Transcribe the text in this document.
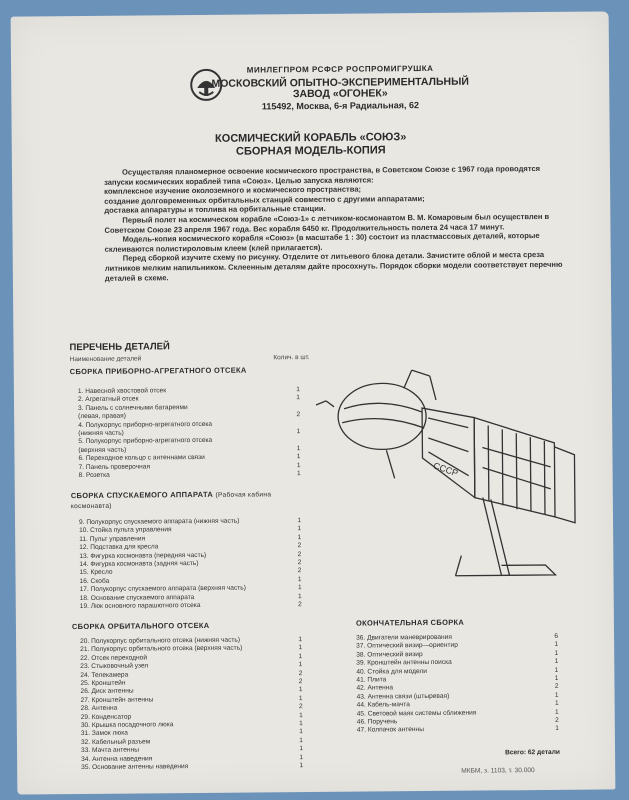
МИНЛЕГПРОМ РСФСР РОСПРОМИГРУШКА
МОСКОВСКИЙ ОПЫТНО-ЭКСПЕРИМЕНТАЛЬНЫЙ
ЗАВОД «ОГОНЕК»
115492, Москва, 6-я Радиальная, 62
КОСМИЧЕСКИЙ КОРАБЛЬ «СОЮЗ»
СБОРНАЯ МОДЕЛЬ-КОПИЯ

Осуществляя планомерное освоение космического пространства, в Советском Союзе с 1967 года проводятся запуски космических кораблей типа «Союз». Целью запуска являются:

комплексное изучение околоземного и космического пространства;

создание долговременных орбитальных станций совместно с другими аппаратами;

доставка аппаратуры и топлива на орбитальные станции.

Первый полет на космическом корабле «Союз-1» с летчиком-космонавтом В. М. Комаровым был осуществлен в Советском Союзе 23 апреля 1967 года. Вес корабля 6450 кг. Продолжительность полета 24 часа 17 минут.

Модель-копия космического корабля «Союз» (в масштабе 1 : 30) состоит из пластмассовых деталей, которые склеиваются полистироловым клеем (клей прилагается).

Перед сборкой изучите схему по рисунку. Отделите от литьевого блока детали. Зачистите облой и места среза литников мелким напильником. Склеенным деталям дайте просохнуть. Порядок сборки модели соответствует перечню деталей в схеме.

ПЕРЕЧЕНЬ ДЕТАЛЕЙ
Наименование деталей	Колич. в шт.
СБОРКА ПРИБОРНО-АГРЕГАТНОГО ОТСЕКА
1. Навесной хвостовой отсек	1
2. Агрегатный отсек	1
3. Панель с солнечными батареями
(левая, правая)	2
4. Полукорпус приборно-агрегатного отсека
(нижняя часть)	1
5. Полукорпус приборно-агрегатного отсека
(верхняя часть)	1
6. Переходное кольцо с антеннами связи	1
7. Панель проверочная	1
8. Розетка	1
СБОРКА СПУСКАЕМОГО АППАРАТА (Рабочая кабина космонавта)
9. Полукорпус спускаемого аппарата (нижняя часть)	1
10. Стойка пульта управления	1
11. Пульт управления	1
12. Подставка для кресла	2
13. Фигурка космонавта (передняя часть)	2
14. Фигурка космонавта (задняя часть)	2
15. Кресло	2
16. Скоба	1
17. Полукорпус спускаемого аппарата (верхняя часть)	1
18. Основание спускаемого аппарата	1
19. Люк основного парашютного отсека	2
СБОРКА ОРБИТАЛЬНОГО ОТСЕКА
20. Полукорпус орбитального отсека (нижняя часть)	1
21. Полукорпус орбитального отсека (верхняя часть)	1
22. Отсек переходной	1
23. Стыковочный узел	1
24. Телекамера	2
25. Кронштейн	2
26. Диск антенны	1
27. Кронштейн антенны	1
28. Антенна	2
29. Конденсатор	1
30. Крышка посадочного люка	1
31. Замок люка	1
32. Кабельный разъем	1
33. Мачта антенны	1
34. Антенна наведения	1
35. Основание антенны наведения	1
ОКОНЧАТЕЛЬНАЯ СБОРКА
36. Двигатели маневрирования	6
37. Оптический визир—ориентир	1
38. Оптический визир	1
39. Кронштейн антенны поиска	1
40. Стойка для модели	1
41. Плита	1
42. Антенна	2
43. Антенна связи (штыревая)	1
44. Кабель-мачта	1
45. Световой маяк системы сближения	1
46. Поручень	2
47. Колпачок антенны	1
Всего: 62 детали
МКБМ, з. 1103, т. 30.000
СССР
